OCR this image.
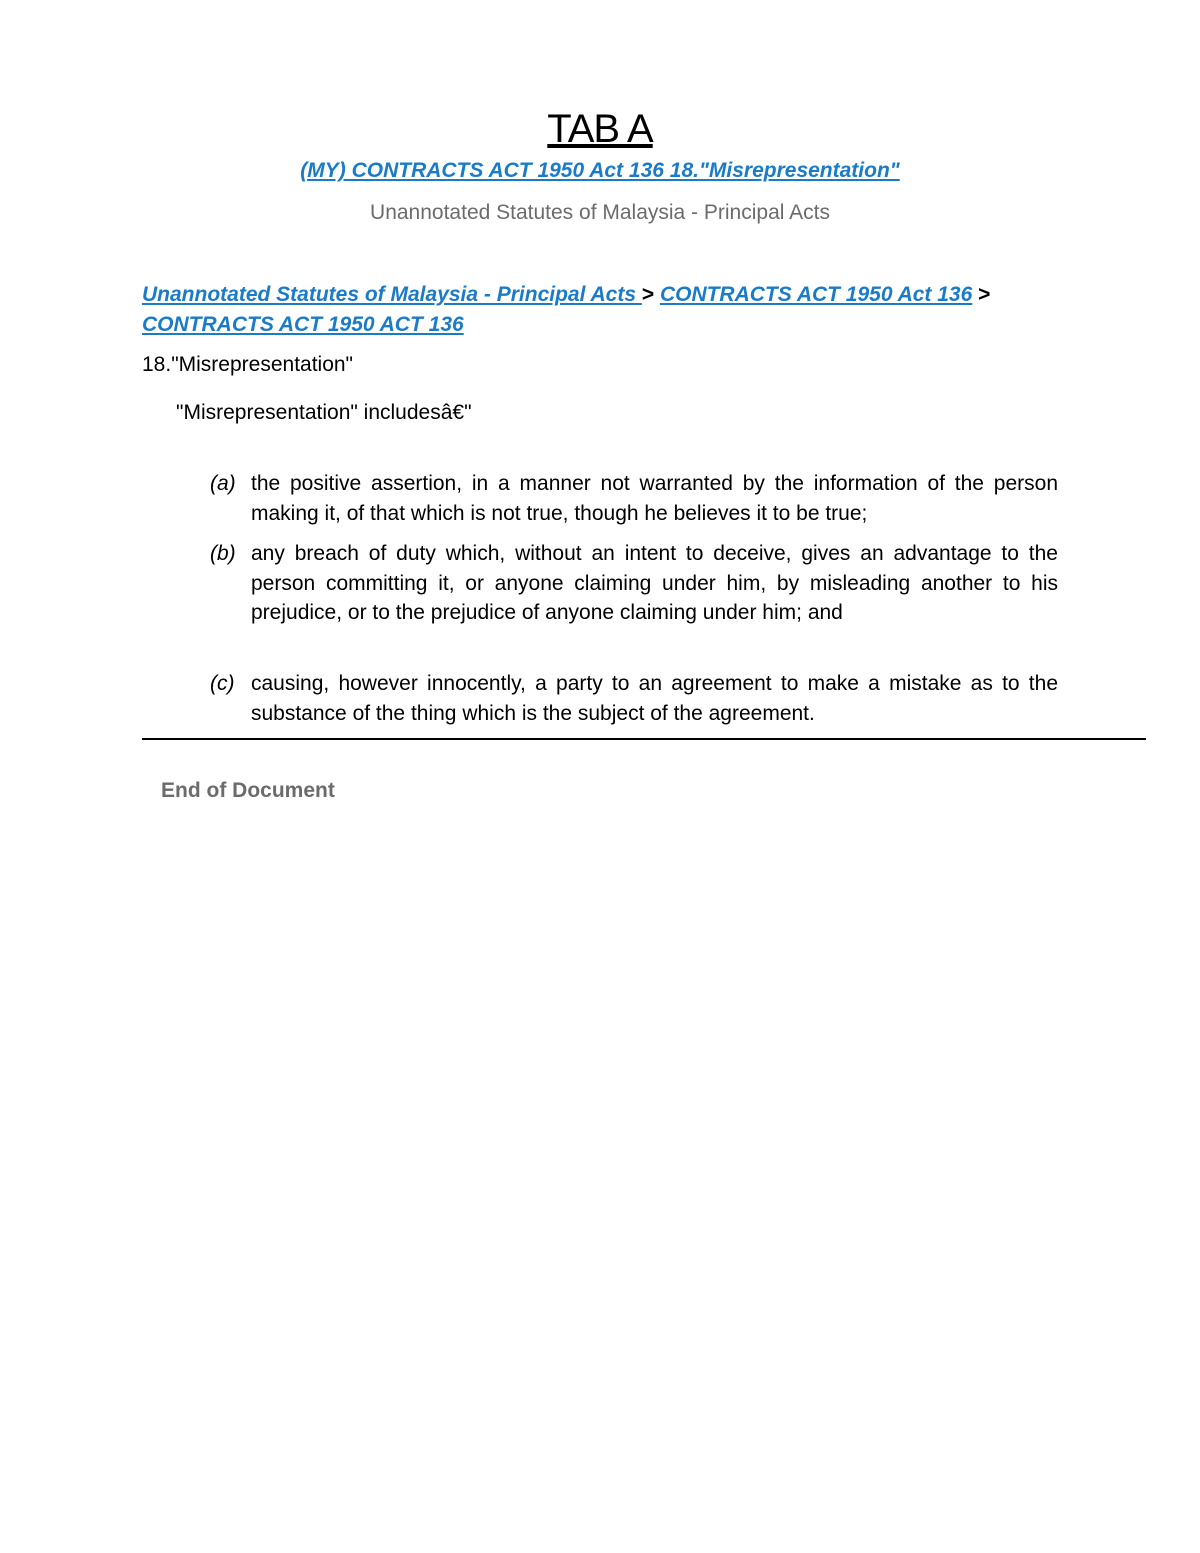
TAB A
(MY) CONTRACTS ACT 1950 Act 136 18."Misrepresentation"
Unannotated Statutes of Malaysia - Principal Acts
Unannotated Statutes of Malaysia - Principal Acts > CONTRACTS ACT 1950 Act 136 >
CONTRACTS ACT 1950 ACT 136
18."Misrepresentation"
"Misrepresentation" includesâ€"
(a) the positive assertion, in a manner not warranted by the information of the person making it, of that which is not true, though he believes it to be true;
(b) any breach of duty which, without an intent to deceive, gives an advantage to the person committing it, or anyone claiming under him, by misleading another to his prejudice, or to the prejudice of anyone claiming under him; and
(c) causing, however innocently, a party to an agreement to make a mistake as to the substance of the thing which is the subject of the agreement.
End of Document
